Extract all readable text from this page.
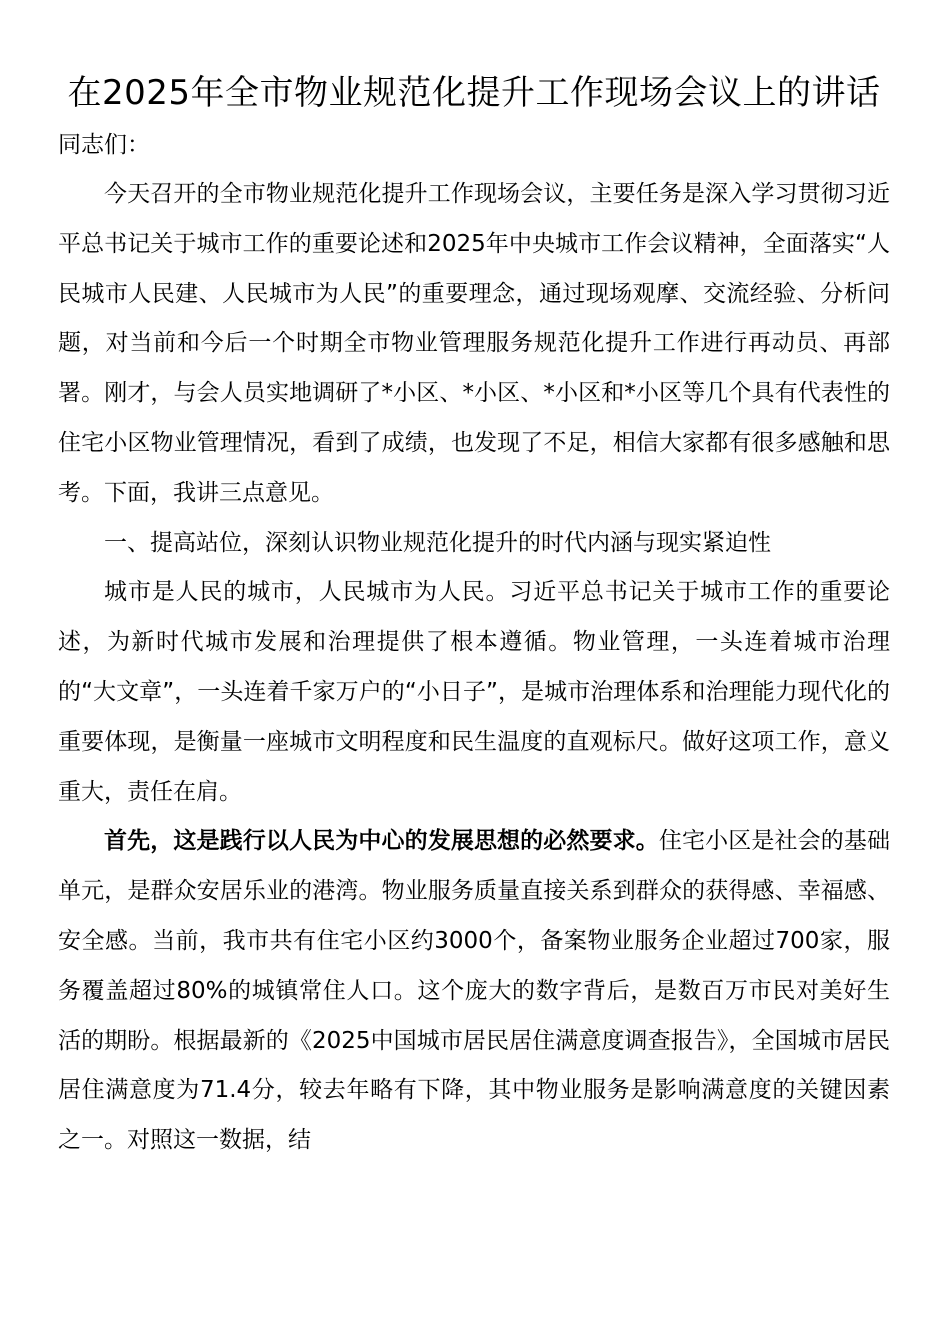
在2025年全市物业规范化提升工作现场会议上的讲话

同志们：

今天召开的全市物业规范化提升工作现场会议，主要任务是深入学习贯彻习近平总书记关于城市工作的重要论述和2025年中央城市工作会议精神，全面落实“人民城市人民建、人民城市为人民”的重要理念，通过现场观摩、交流经验、分析问题，对当前和今后一个时期全市物业管理服务规范化提升工作进行再动员、再部署。刚才，与会人员实地调研了*小区、*小区、*小区和*小区等几个具有代表性的住宅小区物业管理情况，看到了成绩，也发现了不足，相信大家都有很多感触和思考。下面，我讲三点意见。

一、提高站位，深刻认识物业规范化提升的时代内涵与现实紧迫性

城市是人民的城市，人民城市为人民。习近平总书记关于城市工作的重要论述，为新时代城市发展和治理提供了根本遵循。物业管理，一头连着城市治理的“大文章”，一头连着千家万户的“小日子”，是城市治理体系和治理能力现代化的重要体现，是衡量一座城市文明程度和民生温度的直观标尺。做好这项工作，意义重大，责任在肩。

首先，这是践行以人民为中心的发展思想的必然要求。住宅小区是社会的基础单元，是群众安居乐业的港湾。物业服务质量直接关系到群众的获得感、幸福感、安全感。当前，我市共有住宅小区约3000个，备案物业服务企业超过700家，服务覆盖超过80%的城镇常住人口。这个庞大的数字背后，是数百万市民对美好生活的期盼。根据最新的《2025中国城市居民居住满意度调查报告》，全国城市居民居住满意度为71.4分，较去年略有下降，其中物业服务是影响满意度的关键因素之一。对照这一数据，结
